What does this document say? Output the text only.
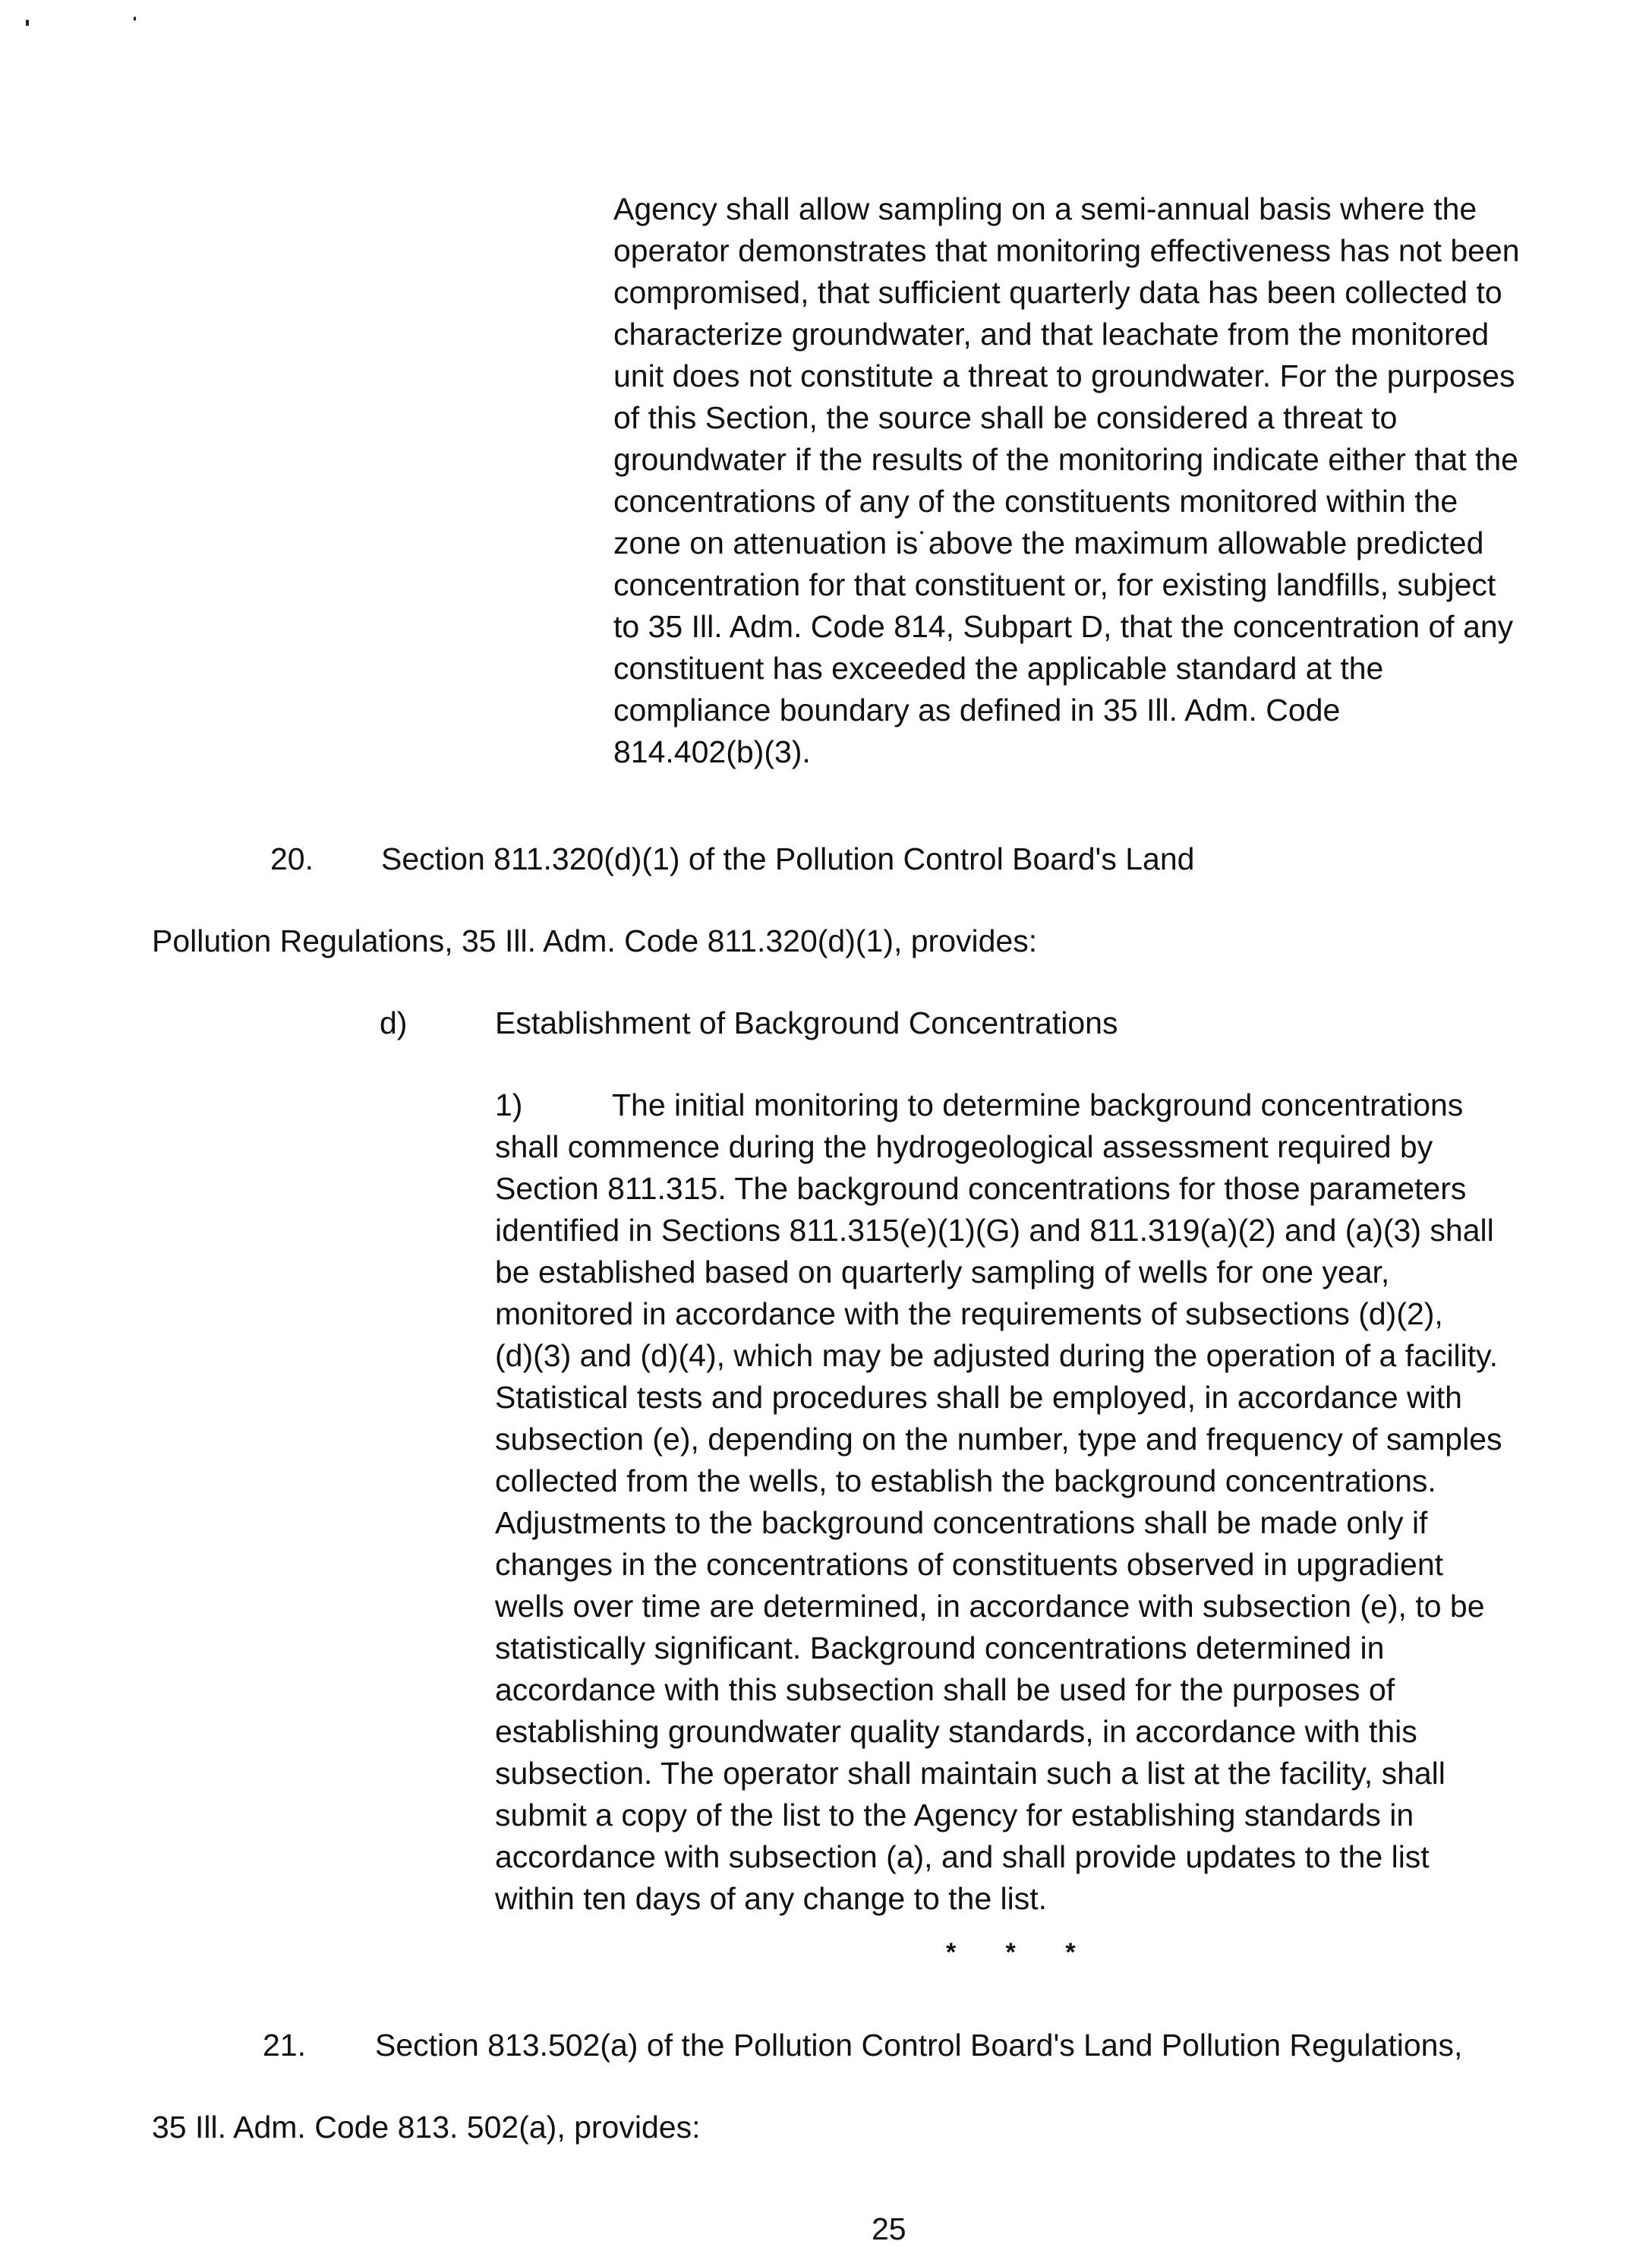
Agency shall allow sampling on a semi-annual basis where the
operator demonstrates that monitoring effectiveness has not been
compromised, that sufficient quarterly data has been collected to
characterize groundwater, and that leachate from the monitored
unit does not constitute a threat to groundwater. For the purposes
of this Section, the source shall be considered a threat to
groundwater if the results of the monitoring indicate either that the
concentrations of any of the constituents monitored within the
zone on attenuation is˙above the maximum allowable predicted
concentration for that constituent or, for existing landfills, subject
to 35 Ill. Adm. Code 814, Subpart D, that the concentration of any
constituent has exceeded the applicable standard at the
compliance boundary as defined in 35 Ill. Adm. Code
814.402(b)(3).
20. Section 811.320(d)(1) of the Pollution Control Board's Land
Pollution Regulations, 35 Ill. Adm. Code 811.320(d)(1), provides:
d)	Establishment of Background Concentrations
1)	The initial monitoring to determine background concentrations
shall commence during the hydrogeological assessment required by
Section 811.315. The background concentrations for those parameters
identified in Sections 811.315(e)(1)(G) and 811.319(a)(2) and (a)(3) shall
be established based on quarterly sampling of wells for one year,
monitored in accordance with the requirements of subsections (d)(2),
(d)(3) and (d)(4), which may be adjusted during the operation of a facility.
Statistical tests and procedures shall be employed, in accordance with
subsection (e), depending on the number, type and frequency of samples
collected from the wells, to establish the background concentrations.
Adjustments to the background concentrations shall be made only if
changes in the concentrations of constituents observed in upgradient
wells over time are determined, in accordance with subsection (e), to be
statistically significant. Background concentrations determined in
accordance with this subsection shall be used for the purposes of
establishing groundwater quality standards, in accordance with this
subsection. The operator shall maintain such a list at the facility, shall
submit a copy of the list to the Agency for establishing standards in
accordance with subsection (a), and shall provide updates to the list
within ten days of any change to the list.
* * *
21. Section 813.502(a) of the Pollution Control Board's Land Pollution Regulations,
35 Ill. Adm. Code 813. 502(a), provides:
25
